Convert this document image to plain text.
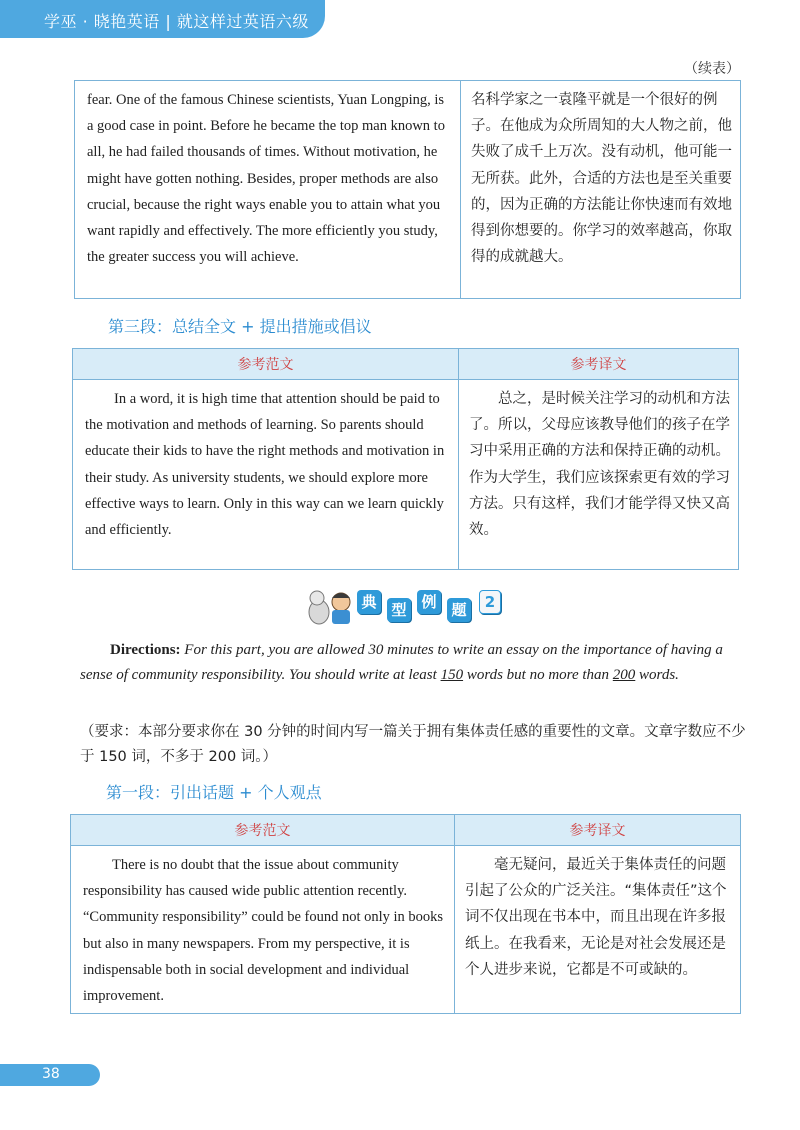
学巫 · 晓艳英语 | 就这样过英语六级
（续表）
fear. One of the famous Chinese scientists, Yuan Longping, is a good case in point. Before he became the top man known to all, he had failed thousands of times. Without motivation, he might have gotten nothing. Besides, proper methods are also crucial, because the right ways enable you to attain what you want rapidly and effectively. The more efficiently you study, the greater success you will achieve.	名科学家之一袁隆平就是一个很好的例子。在他成为众所周知的大人物之前，他失败了成千上万次。没有动机，他可能一无所获。此外，合适的方法也是至关重要的，因为正确的方法能让你快速而有效地得到你想要的。你学习的效率越高，你取得的成就越大。
第三段：总结全文 + 提出措施或倡议
参考范文	参考译文
In a word, it is high time that attention should be paid to the motivation and methods of learning. So parents should educate their kids to have the right methods and motivation in their study. As university students, we should explore more effective ways to learn. Only in this way can we learn quickly and efficiently.	总之，是时候关注学习的动机和方法了。所以，父母应该教导他们的孩子在学习中采用正确的方法和保持正确的动机。作为大学生，我们应该探索更有效的学习方法。只有这样，我们才能学得又快又高效。
典 型 例 题	2
Directions: For this part, you are allowed 30 minutes to write an essay on the importance of having a sense of community responsibility. You should write at least 150 words but no more than 200 words.
（要求：本部分要求你在 30 分钟的时间内写一篇关于拥有集体责任感的重要性的文章。文章字数应不少于 150 词，不多于 200 词。）
第一段：引出话题 + 个人观点
参考范文	参考译文
There is no doubt that the issue about community responsibility has caused wide public attention recently. “Community responsibility” could be found not only in books but also in many newspapers. From my perspective, it is indispensable both in social development and individual improvement.	毫无疑问，最近关于集体责任的问题引起了公众的广泛关注。“集体责任”这个词不仅出现在书本中，而且出现在许多报纸上。在我看来，无论是对社会发展还是个人进步来说，它都是不可或缺的。
38
